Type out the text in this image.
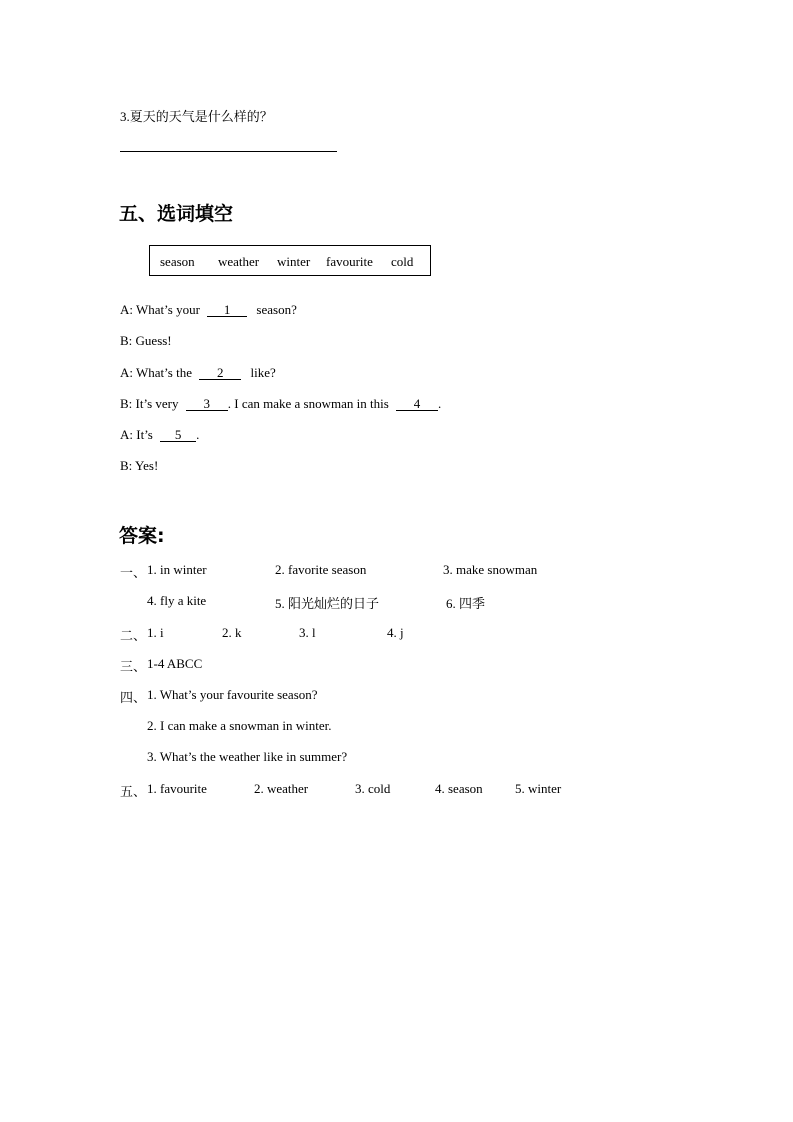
3.夏天的天气是什么样的？
五、选词填空
season weather winter favourite cold
A: What’s your 1 season?
B: Guess!
A: What’s the 2 like?
B: It’s very 3 . I can make a snowman in this 4 .
A: It’s 5 .
B: Yes!
答案:
一、 1. in winter	2. favorite season	3. make snowman
4. fly a kite	5. 阳光灿烂的日子	6. 四季
二、 1. i	2. k	3. l	4. j
三、 1-4 ABCC
四、 1. What’s your favourite season?
2. I can make a snowman in winter.
3. What’s the weather like in summer?
五、 1. favourite	2. weather	3. cold	4. season 5. winter
